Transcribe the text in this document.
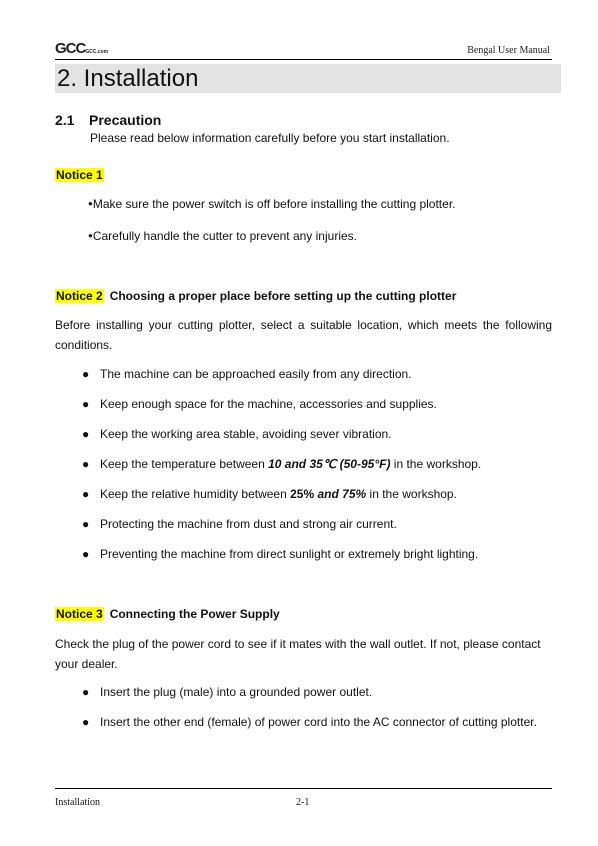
GCCGCC.com	Bengal User Manual
2. Installation
2.1 Precaution
Please read below information carefully before you start installation.
Notice 1
●Make sure the power switch is off before installing the cutting plotter.
●Carefully handle the cutter to prevent any injuries.
Notice 2 Choosing a proper place before setting up the cutting plotter
Before installing your cutting plotter, select a suitable location, which meets the following
conditions.
● The machine can be approached easily from any direction.
● Keep enough space for the machine, accessories and supplies.
● Keep the working area stable, avoiding sever vibration.
● Keep the temperature between 10 and 35℃ (50-95°F) in the workshop.
● Keep the relative humidity between 25% and 75% in the workshop.
● Protecting the machine from dust and strong air current.
● Preventing the machine from direct sunlight or extremely bright lighting.
Notice 3 Connecting the Power Supply
Check the plug of the power cord to see if it mates with the wall outlet. If not, please contact
your dealer.
● Insert the plug (male) into a grounded power outlet.
● Insert the other end (female) of power cord into the AC connector of cutting plotter.
Installation	2-1
